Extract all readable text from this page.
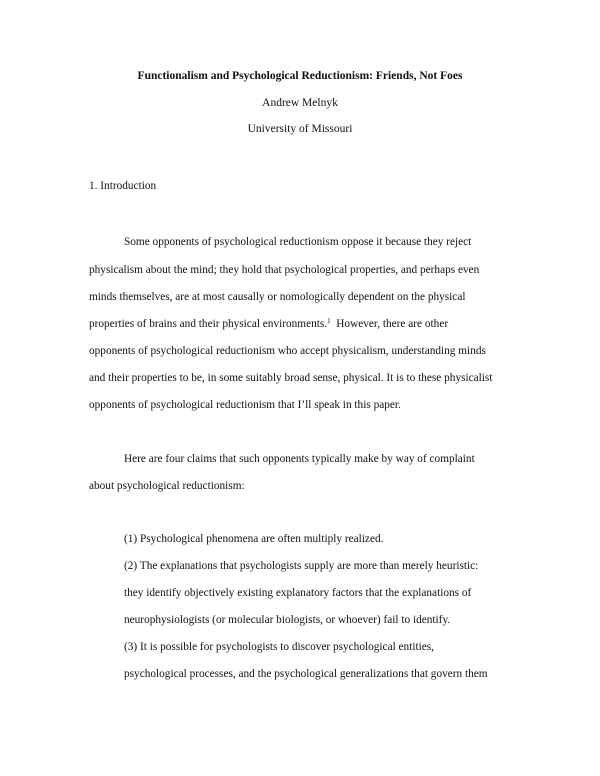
Functionalism and Psychological Reductionism: Friends, Not Foes
Andrew Melnyk
University of Missouri
1. Introduction
Some opponents of psychological reductionism oppose it because they reject
physicalism about the mind; they hold that psychological properties, and perhaps even
minds themselves, are at most causally or nomologically dependent on the physical
properties of brains and their physical environments.$^1$  However, there are other
opponents of psychological reductionism who accept physicalism, understanding minds
and their properties to be, in some suitably broad sense, physical. It is to these physicalist
opponents of psychological reductionism that I’ll speak in this paper.
Here are four claims that such opponents typically make by way of complaint
about psychological reductionism:
(1) Psychological phenomena are often multiply realized.
(2) The explanations that psychologists supply are more than merely heuristic:
they identify objectively existing explanatory factors that the explanations of
neurophysiologists (or molecular biologists, or whoever) fail to identify.
(3) It is possible for psychologists to discover psychological entities,
psychological processes, and the psychological generalizations that govern them
